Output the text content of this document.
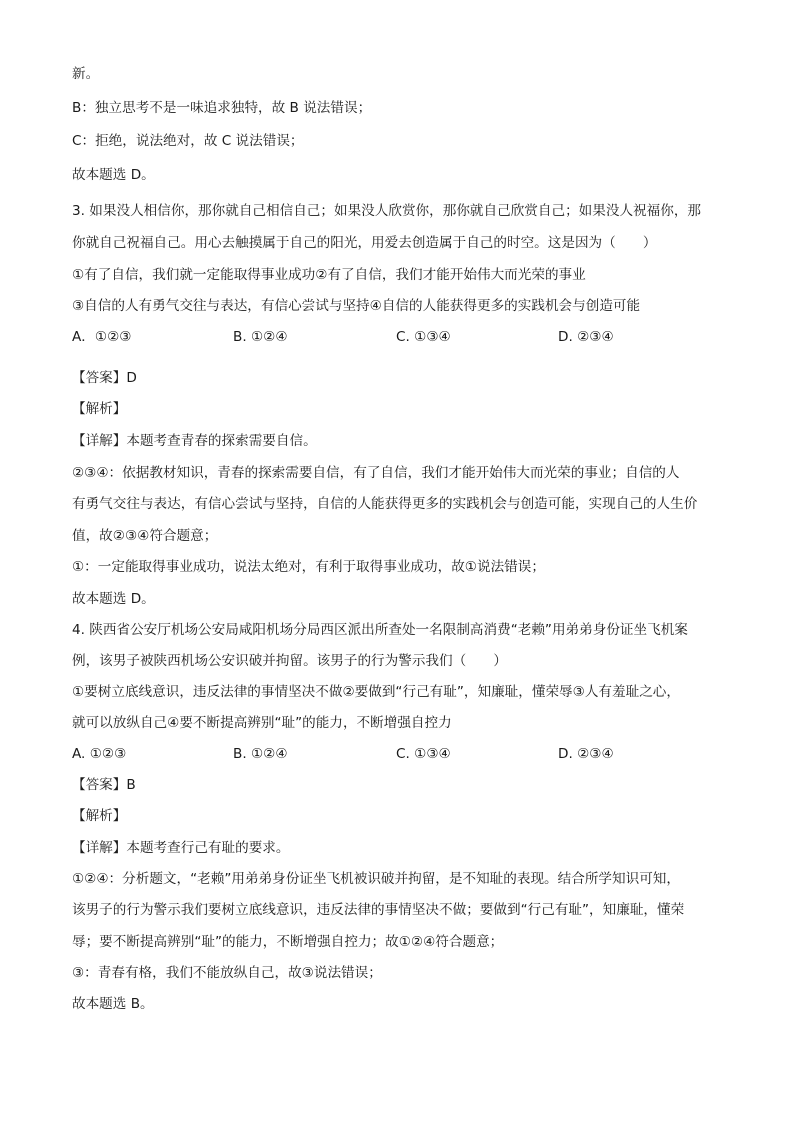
新。
B：独立思考不是一味追求独特，故 B 说法错误；
C：拒绝，说法绝对，故 C 说法错误；
故本题选 D。
3. 如果没人相信你，那你就自己相信自己；如果没人欣赏你，那你就自己欣赏自己；如果没人祝福你，那
你就自己祝福自己。用心去触摸属于自己的阳光，用爱去创造属于自己的时空。这是因为（　　）
①有了自信，我们就一定能取得事业成功②有了自信，我们才能开始伟大而光荣的事业
③自信的人有勇气交往与表达，有信心尝试与坚持④自信的人能获得更多的实践机会与创造可能
A．①②③	B. ①②④	C. ①③④	D. ②③④
【答案】D
【解析】
【详解】本题考查青春的探索需要自信。
②③④：依据教材知识，青春的探索需要自信，有了自信，我们才能开始伟大而光荣的事业；自信的人
有勇气交往与表达，有信心尝试与坚持，自信的人能获得更多的实践机会与创造可能，实现自己的人生价
值，故②③④符合题意；
①：一定能取得事业成功，说法太绝对，有利于取得事业成功，故①说法错误；
故本题选 D。
4. 陕西省公安厅机场公安局咸阳机场分局西区派出所查处一名限制高消费“老赖”用弟弟身份证坐飞机案
例，该男子被陕西机场公安识破并拘留。该男子的行为警示我们（　　）
①要树立底线意识，违反法律的事情坚决不做②要做到“行己有耻”，知廉耻，懂荣辱③人有羞耻之心，
就可以放纵自己④要不断提高辨别“耻”的能力，不断增强自控力
A. ①②③	B. ①②④	C. ①③④	D. ②③④
【答案】B
【解析】
【详解】本题考查行己有耻的要求。
①②④：分析题文，“老赖”用弟弟身份证坐飞机被识破并拘留，是不知耻的表现。结合所学知识可知，
该男子的行为警示我们要树立底线意识，违反法律的事情坚决不做；要做到“行己有耻”，知廉耻，懂荣
辱；要不断提高辨别“耻”的能力，不断增强自控力；故①②④符合题意；
③：青春有格，我们不能放纵自己，故③说法错误；
故本题选 B。
